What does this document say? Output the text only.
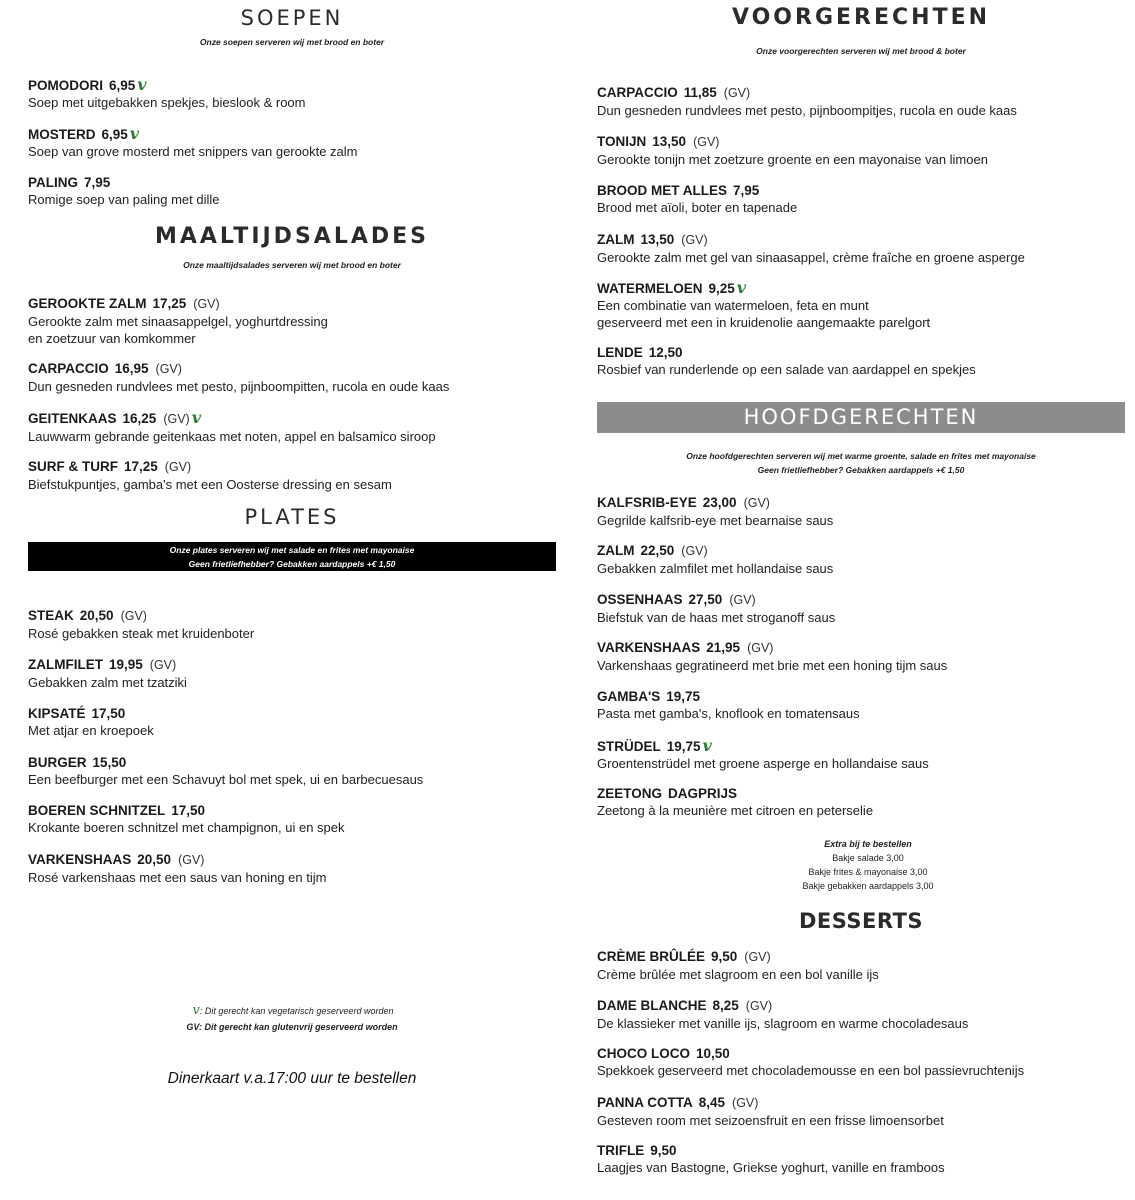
SOEPEN
Onze soepen serveren wij met brood en boter
POMODORI 6,95 v
Soep met uitgebakken spekjes, bieslook & room
MOSTERD 6,95 v
Soep van grove mosterd met snippers van gerookte zalm
PALING 7,95
Romige soep van paling met dille
MAALTIJDSALADES
Onze maaltijdsalades serveren wij met brood en boter
GEROOKTE ZALM 17,25 (GV)
Gerookte zalm met sinaasappelgel, yoghurtdressing
en zoetzuur van komkommer
CARPACCIO 16,95 (GV)
Dun gesneden rundvlees met pesto, pijnboompitten, rucola en oude kaas
GEITENKAAS 16,25 (GV) v
Lauwwarm gebrande geitenkaas met noten, appel en balsamico siroop
SURF & TURF 17,25 (GV)
Biefstukpuntjes, gamba's met een Oosterse dressing en sesam
PLATES
Onze plates serveren wij met salade en frites met mayonaise
Geen frietliefhebber? Gebakken aardappels +€ 1,50
STEAK 20,50 (GV)
Rosé gebakken steak met kruidenboter
ZALMFILET 19,95 (GV)
Gebakken zalm met tzatziki
KIPSATÉ 17,50
Met atjar en kroepoek
BURGER 15,50
Een beefburger met een Schavuyt bol met spek, ui en barbecuesaus
BOEREN SCHNITZEL 17,50
Krokante boeren schnitzel met champignon, ui en spek
VARKENSHAAS 20,50 (GV)
Rosé varkenshaas met een saus van honing en tijm
v: Dit gerecht kan vegetarisch geserveerd worden
GV: Dit gerecht kan glutenvrij geserveerd worden
Dinerkaart v.a.17:00 uur te bestellen
VOORGERECHTEN
Onze voorgerechten serveren wij met brood & boter
CARPACCIO 11,85 (GV)
Dun gesneden rundvlees met pesto, pijnboompitjes, rucola en oude kaas
TONIJN 13,50 (GV)
Gerookte tonijn met zoetzure groente en een mayonaise van limoen
BROOD MET ALLES 7,95
Brood met aïoli, boter en tapenade
ZALM 13,50 (GV)
Gerookte zalm met gel van sinaasappel, crème fraîche en groene asperge
WATERMELOEN 9,25 v
Een combinatie van watermeloen, feta en munt
geserveerd met een in kruidenolie aangemaakte parelgort
LENDE 12,50
Rosbief van runderlende op een salade van aardappel en spekjes
HOOFDGERECHTEN
Onze hoofdgerechten serveren wij met warme groente, salade en frites met mayonaise
Geen frietliefhebber? Gebakken aardappels +€ 1,50
KALFSRIB-EYE 23,00 (GV)
Gegrilde kalfsrib-eye met bearnaise saus
ZALM 22,50 (GV)
Gebakken zalmfilet met hollandaise saus
OSSENHAAS 27,50 (GV)
Biefstuk van de haas met stroganoff saus
VARKENSHAAS 21,95 (GV)
Varkenshaas gegratineerd met brie met een honing tijm saus
GAMBA'S 19,75
Pasta met gamba's, knoflook en tomatensaus
STRÜDEL 19,75 v
Groentenstrüdel met groene asperge en hollandaise saus
ZEETONG DAGPRIJS
Zeetong à la meunière met citroen en peterselie
Extra bij te bestellen
Bakje salade 3,00
Bakje frites & mayonaise 3,00
Bakje gebakken aardappels 3,00
DESSERTS
CRÈME BRÛLÉE 9,50 (GV)
Crème brûlée met slagroom en een bol vanille ijs
DAME BLANCHE 8,25 (GV)
De klassieker met vanille ijs, slagroom en warme chocoladesaus
CHOCO LOCO 10,50
Spekkoek geserveerd met chocolademousse en een bol passievruchtenijs
PANNA COTTA 8,45 (GV)
Gesteven room met seizoensfruit en een frisse limoensorbet
TRIFLE 9,50
Laagjes van Bastogne, Griekse yoghurt, vanille en framboos
